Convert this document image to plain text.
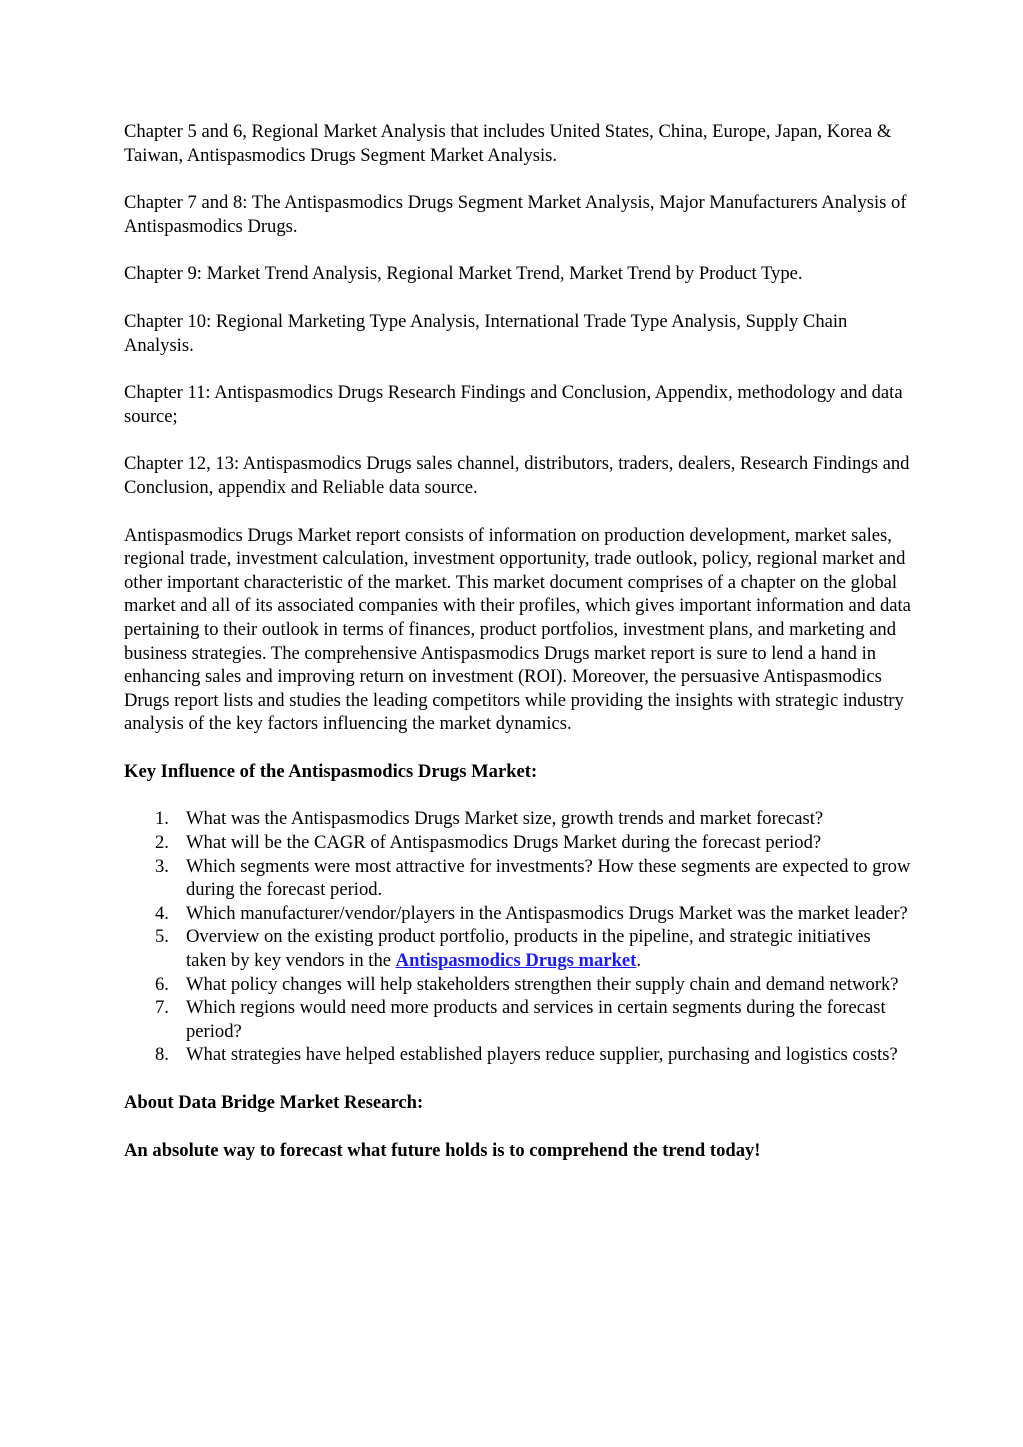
Chapter 5 and 6, Regional Market Analysis that includes United States, China, Europe, Japan, Korea & Taiwan, Antispasmodics Drugs Segment Market Analysis.

Chapter 7 and 8: The Antispasmodics Drugs Segment Market Analysis, Major Manufacturers Analysis of Antispasmodics Drugs.

Chapter 9: Market Trend Analysis, Regional Market Trend, Market Trend by Product Type.

Chapter 10: Regional Marketing Type Analysis, International Trade Type Analysis, Supply Chain Analysis.

Chapter 11: Antispasmodics Drugs Research Findings and Conclusion, Appendix, methodology and data source;

Chapter 12, 13: Antispasmodics Drugs sales channel, distributors, traders, dealers, Research Findings and Conclusion, appendix and Reliable data source.

Antispasmodics Drugs Market report consists of information on production development, market sales, regional trade, investment calculation, investment opportunity, trade outlook, policy, regional market and other important characteristic of the market. This market document comprises of a chapter on the global market and all of its associated companies with their profiles, which gives important information and data pertaining to their outlook in terms of finances, product portfolios, investment plans, and marketing and business strategies. The comprehensive Antispasmodics Drugs market report is sure to lend a hand in enhancing sales and improving return on investment (ROI). Moreover, the persuasive Antispasmodics Drugs report lists and studies the leading competitors while providing the insights with strategic industry analysis of the key factors influencing the market dynamics.

Key Influence of the Antispasmodics Drugs Market:

1. What was the Antispasmodics Drugs Market size, growth trends and market forecast?
2. What will be the CAGR of Antispasmodics Drugs Market during the forecast period?
3. Which segments were most attractive for investments? How these segments are expected to grow during the forecast period.
4. Which manufacturer/vendor/players in the Antispasmodics Drugs Market was the market leader?
5. Overview on the existing product portfolio, products in the pipeline, and strategic initiatives taken by key vendors in the Antispasmodics Drugs market.
6. What policy changes will help stakeholders strengthen their supply chain and demand network?
7. Which regions would need more products and services in certain segments during the forecast period?
8. What strategies have helped established players reduce supplier, purchasing and logistics costs?

About Data Bridge Market Research:

An absolute way to forecast what future holds is to comprehend the trend today!
